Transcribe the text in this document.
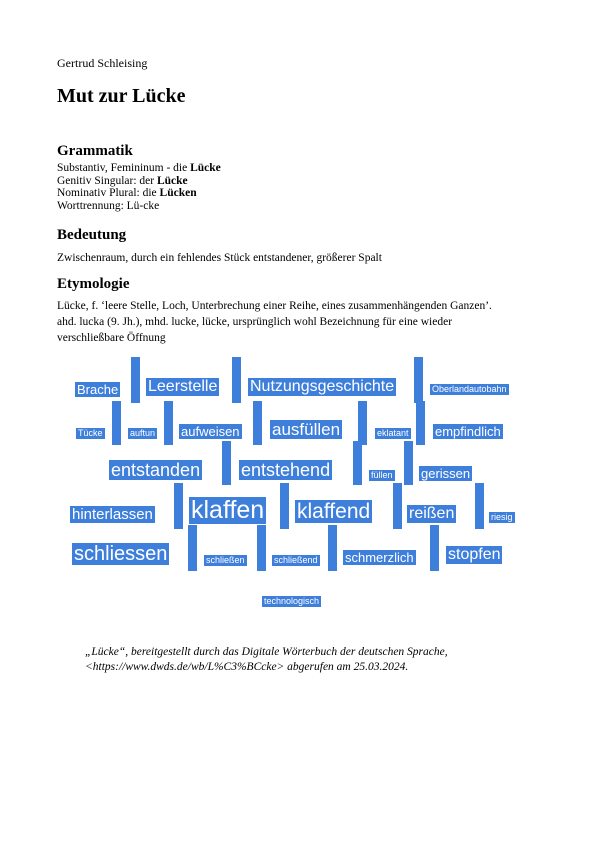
Gertrud Schleising
Mut zur Lücke
Grammatik
Substantiv, Femininum - die Lücke
Genitiv Singular: der Lücke
Nominativ Plural: die Lücken
Worttrennung: Lü-cke
Bedeutung
Zwischenraum, durch ein fehlendes Stück entstandener, größerer Spalt
Etymologie
Lücke, f. ‘leere Stelle, Loch, Unterbrechung einer Reihe, eines zusammenhängenden Ganzen’.
ahd. lucka (9. Jh.), mhd. lucke, lücke, ursprünglich wohl Bezeichnung für eine wieder
verschließbare Öffnung
Brache Leerstelle Nutzungsgeschichte	Oberlandautobahn
Tücke	auftun aufweisen ausfüllen	eklatant empfindlich
entstanden entstehend	füllen gerissen
hinterlassen klaffen klaffend reißen	riesig
schliessen	schließen	schließend schmerzlich stopfen
technologisch
„Lücke“, bereitgestellt durch das Digitale Wörterbuch der deutschen Sprache,
<https://www.dwds.de/wb/L%C3%BCcke> abgerufen am 25.03.2024.
